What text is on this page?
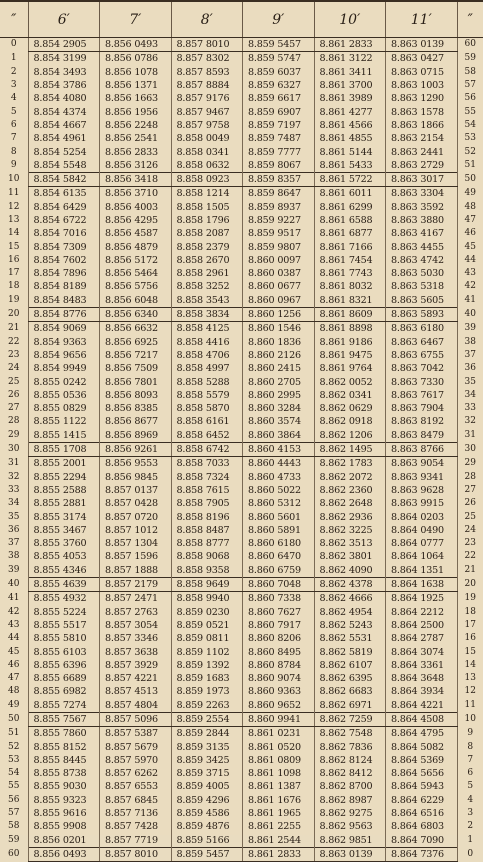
″	6′	7′	8′	9′	10′	11′	″
0	8.854 2905	8.856 0493	8.857 8010	8.859 5457	8.861 2833	8.863 0139	60
1	8.854 3199	8.856 0786	8.857 8302	8.859 5747	8.861 3122	8.863 0427	59
2	8.854 3493	8.856 1078	8.857 8593	8.859 6037	8.861 3411	8.863 0715	58
3	8.854 3786	8.856 1371	8.857 8884	8.859 6327	8.861 3700	8.863 1003	57
4	8.854 4080	8.856 1663	8.857 9176	8.859 6617	8.861 3989	8.863 1290	56
5	8.854 4374	8.856 1956	8.857 9467	8.859 6907	8.861 4277	8.863 1578	55
6	8.854 4667	8.856 2248	8.857 9758	8.859 7197	8.861 4566	8.863 1866	54
7	8.854 4961	8.856 2541	8.858 0049	8.859 7487	8.861 4855	8.863 2154	53
8	8.854 5254	8.856 2833	8.858 0341	8.859 7777	8.861 5144	8.863 2441	52
9	8.854 5548	8.856 3126	8.858 0632	8.859 8067	8.861 5433	8.863 2729	51
10	8.854 5842	8.856 3418	8.858 0923	8.859 8357	8.861 5722	8.863 3017	50
11	8.854 6135	8.856 3710	8.858 1214	8.859 8647	8.861 6011	8.863 3304	49
12	8.854 6429	8.856 4003	8.858 1505	8.859 8937	8.861 6299	8.863 3592	48
13	8.854 6722	8.856 4295	8.858 1796	8.859 9227	8.861 6588	8.863 3880	47
14	8.854 7016	8.856 4587	8.858 2087	8.859 9517	8.861 6877	8.863 4167	46
15	8.854 7309	8.856 4879	8.858 2379	8.859 9807	8.861 7166	8.863 4455	45
16	8.854 7602	8.856 5172	8.858 2670	8.860 0097	8.861 7454	8.863 4742	44
17	8.854 7896	8.856 5464	8.858 2961	8.860 0387	8.861 7743	8.863 5030	43
18	8.854 8189	8.856 5756	8.858 3252	8.860 0677	8.861 8032	8.863 5318	42
19	8.854 8483	8.856 6048	8.858 3543	8.860 0967	8.861 8321	8.863 5605	41
20	8.854 8776	8.856 6340	8.858 3834	8.860 1256	8.861 8609	8.863 5893	40
21	8.854 9069	8.856 6632	8.858 4125	8.860 1546	8.861 8898	8.863 6180	39
22	8.854 9363	8.856 6925	8.858 4416	8.860 1836	8.861 9186	8.863 6467	38
23	8.854 9656	8.856 7217	8.858 4706	8.860 2126	8.861 9475	8.863 6755	37
24	8.854 9949	8.856 7509	8.858 4997	8.860 2415	8.861 9764	8.863 7042	36
25	8.855 0242	8.856 7801	8.858 5288	8.860 2705	8.862 0052	8.863 7330	35
26	8.855 0536	8.856 8093	8.858 5579	8.860 2995	8.862 0341	8.863 7617	34
27	8.855 0829	8.856 8385	8.858 5870	8.860 3284	8.862 0629	8.863 7904	33
28	8.855 1122	8.856 8677	8.858 6161	8.860 3574	8.862 0918	8.863 8192	32
29	8.855 1415	8.856 8969	8.858 6452	8.860 3864	8.862 1206	8.863 8479	31
30	8.855 1708	8.856 9261	8.858 6742	8.860 4153	8.862 1495	8.863 8766	30
31	8.855 2001	8.856 9553	8.858 7033	8.860 4443	8.862 1783	8.863 9054	29
32	8.855 2294	8.856 9845	8.858 7324	8.860 4733	8.862 2072	8.863 9341	28
33	8.855 2588	8.857 0137	8.858 7615	8.860 5022	8.862 2360	8.863 9628	27
34	8.855 2881	8.857 0428	8.858 7905	8.860 5312	8.862 2648	8.863 9915	26
35	8.855 3174	8.857 0720	8.858 8196	8.860 5601	8.862 2936	8.864 0203	25
36	8.855 3467	8.857 1012	8.858 8487	8.860 5891	8.862 3225	8.864 0490	24
37	8.855 3760	8.857 1304	8.858 8777	8.860 6180	8.862 3513	8.864 0777	23
38	8.855 4053	8.857 1596	8.858 9068	8.860 6470	8.862 3801	8.864 1064	22
39	8.855 4346	8.857 1888	8.858 9358	8.860 6759	8.862 4090	8.864 1351	21
40	8.855 4639	8.857 2179	8.858 9649	8.860 7048	8.862 4378	8.864 1638	20
41	8.855 4932	8.857 2471	8.858 9940	8.860 7338	8.862 4666	8.864 1925	19
42	8.855 5224	8.857 2763	8.859 0230	8.860 7627	8.862 4954	8.864 2212	18
43	8.855 5517	8.857 3054	8.859 0521	8.860 7917	8.862 5243	8.864 2500	17
44	8.855 5810	8.857 3346	8.859 0811	8.860 8206	8.862 5531	8.864 2787	16
45	8.855 6103	8.857 3638	8.859 1102	8.860 8495	8.862 5819	8.864 3074	15
46	8.855 6396	8.857 3929	8.859 1392	8.860 8784	8.862 6107	8.864 3361	14
47	8.855 6689	8.857 4221	8.859 1683	8.860 9074	8.862 6395	8.864 3648	13
48	8.855 6982	8.857 4513	8.859 1973	8.860 9363	8.862 6683	8.864 3934	12
49	8.855 7274	8.857 4804	8.859 2263	8.860 9652	8.862 6971	8.864 4221	11
50	8.855 7567	8.857 5096	8.859 2554	8.860 9941	8.862 7259	8.864 4508	10
51	8.855 7860	8.857 5387	8.859 2844	8.861 0231	8.862 7548	8.864 4795	9
52	8.855 8152	8.857 5679	8.859 3135	8.861 0520	8.862 7836	8.864 5082	8
53	8.855 8445	8.857 5970	8.859 3425	8.861 0809	8.862 8124	8.864 5369	7
54	8.855 8738	8.857 6262	8.859 3715	8.861 1098	8.862 8412	8.864 5656	6
55	8.855 9030	8.857 6553	8.859 4005	8.861 1387	8.862 8700	8.864 5943	5
56	8.855 9323	8.857 6845	8.859 4296	8.861 1676	8.862 8987	8.864 6229	4
57	8.855 9616	8.857 7136	8.859 4586	8.861 1965	8.862 9275	8.864 6516	3
58	8.855 9908	8.857 7428	8.859 4876	8.861 2255	8.862 9563	8.864 6803	2
59	8.856 0201	8.857 7719	8.859 5166	8.861 2544	8.862 9851	8.864 7090	1
60	8.856 0493	8.857 8010	8.859 5457	8.861 2833	8.863 0139	8.864 7376	0
